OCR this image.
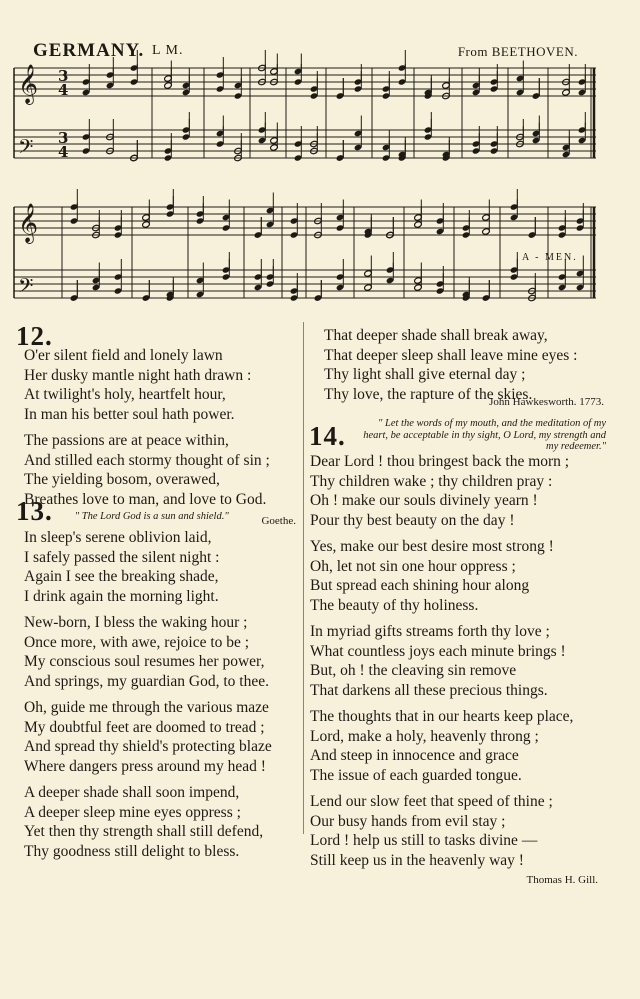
GERMANY. L M.	From BEETHOVEN.
𝄞
𝄢
𝄞
𝄢
3
4
3
4
A - MEN.
12.
O'er silent field and lonely lawn
Her dusky mantle night hath drawn :
At twilight's holy, heartfelt hour,
In man his better soul hath power.
The passions are at peace within,
And stilled each stormy thought of sin ;
The yielding bosom, overawed,
Breathes love to man, and love to God.
Goethe.
13. " The Lord God is a sun and shield."
In sleep's serene oblivion laid,
I safely passed the silent night :
Again I see the breaking shade,
I drink again the morning light.
New-born, I bless the waking hour ;
Once more, with awe, rejoice to be ;
My conscious soul resumes her power,
And springs, my guardian God, to thee.
Oh, guide me through the various maze
My doubtful feet are doomed to tread ;
And spread thy shield's protecting blaze
Where dangers press around my head !
A deeper shade shall soon impend,
A deeper sleep mine eyes oppress ;
Yet then thy strength shall still defend,
Thy goodness still delight to bless.
That deeper shade shall break away,
That deeper sleep shall leave mine eyes :
Thy light shall give eternal day ;
Thy love, the rapture of the skies.
John Hawkesworth. 1773.
14.	" Let the words of my mouth, and the meditation of my heart, be acceptable in thy sight, O Lord, my strength and my redeemer."
Dear Lord ! thou bringest back the morn ;
Thy children wake ; thy children pray :
Oh ! make our souls divinely yearn !
Pour thy best beauty on the day !
Yes, make our best desire most strong !
Oh, let not sin one hour oppress ;
But spread each shining hour along
The beauty of thy holiness.
In myriad gifts streams forth thy love ;
What countless joys each minute brings !
But, oh ! the cleaving sin remove
That darkens all these precious things.
The thoughts that in our hearts keep place,
Lord, make a holy, heavenly throng ;
And steep in innocence and grace
The issue of each guarded tongue.
Lend our slow feet that speed of thine ;
Our busy hands from evil stay ;
Lord ! help us still to tasks divine —
Still keep us in the heavenly way !
Thomas H. Gill.
